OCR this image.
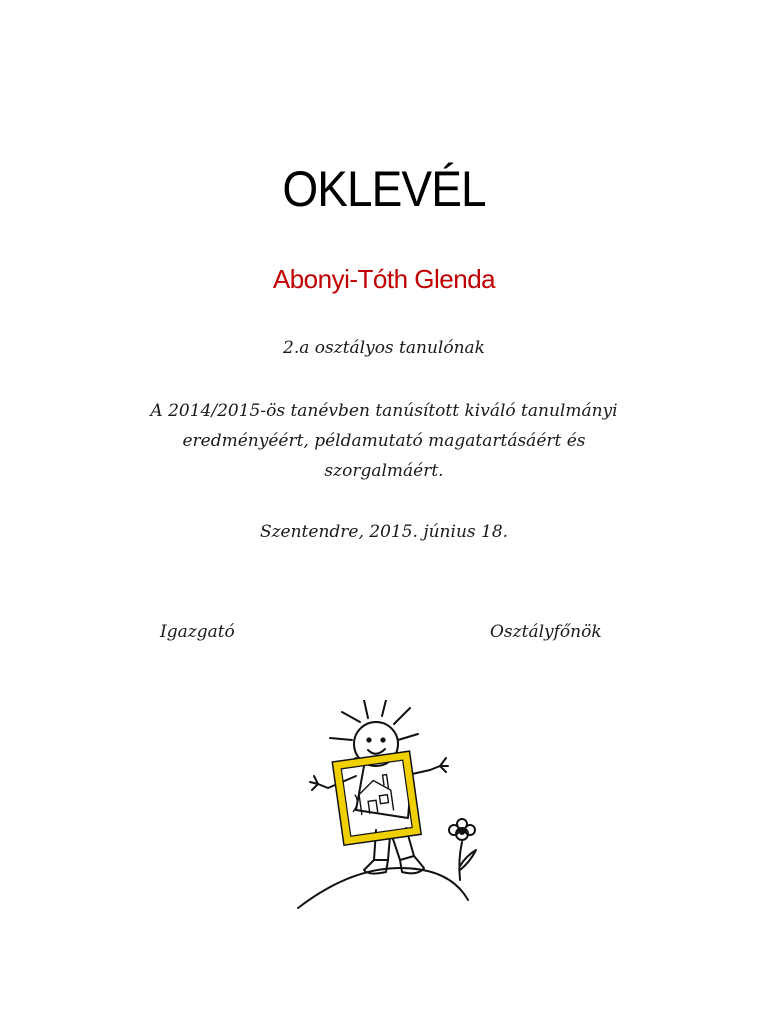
OKLEVÉL
Abonyi-Tóth Glenda
2.a osztályos tanulónak
A 2014/2015-ös tanévben tanúsított kiváló tanulmányi
eredményéért, példamutató magatartásáért és
szorgalmáért.
Szentendre, 2015. június 18.
Igazgató	Osztályfőnök
